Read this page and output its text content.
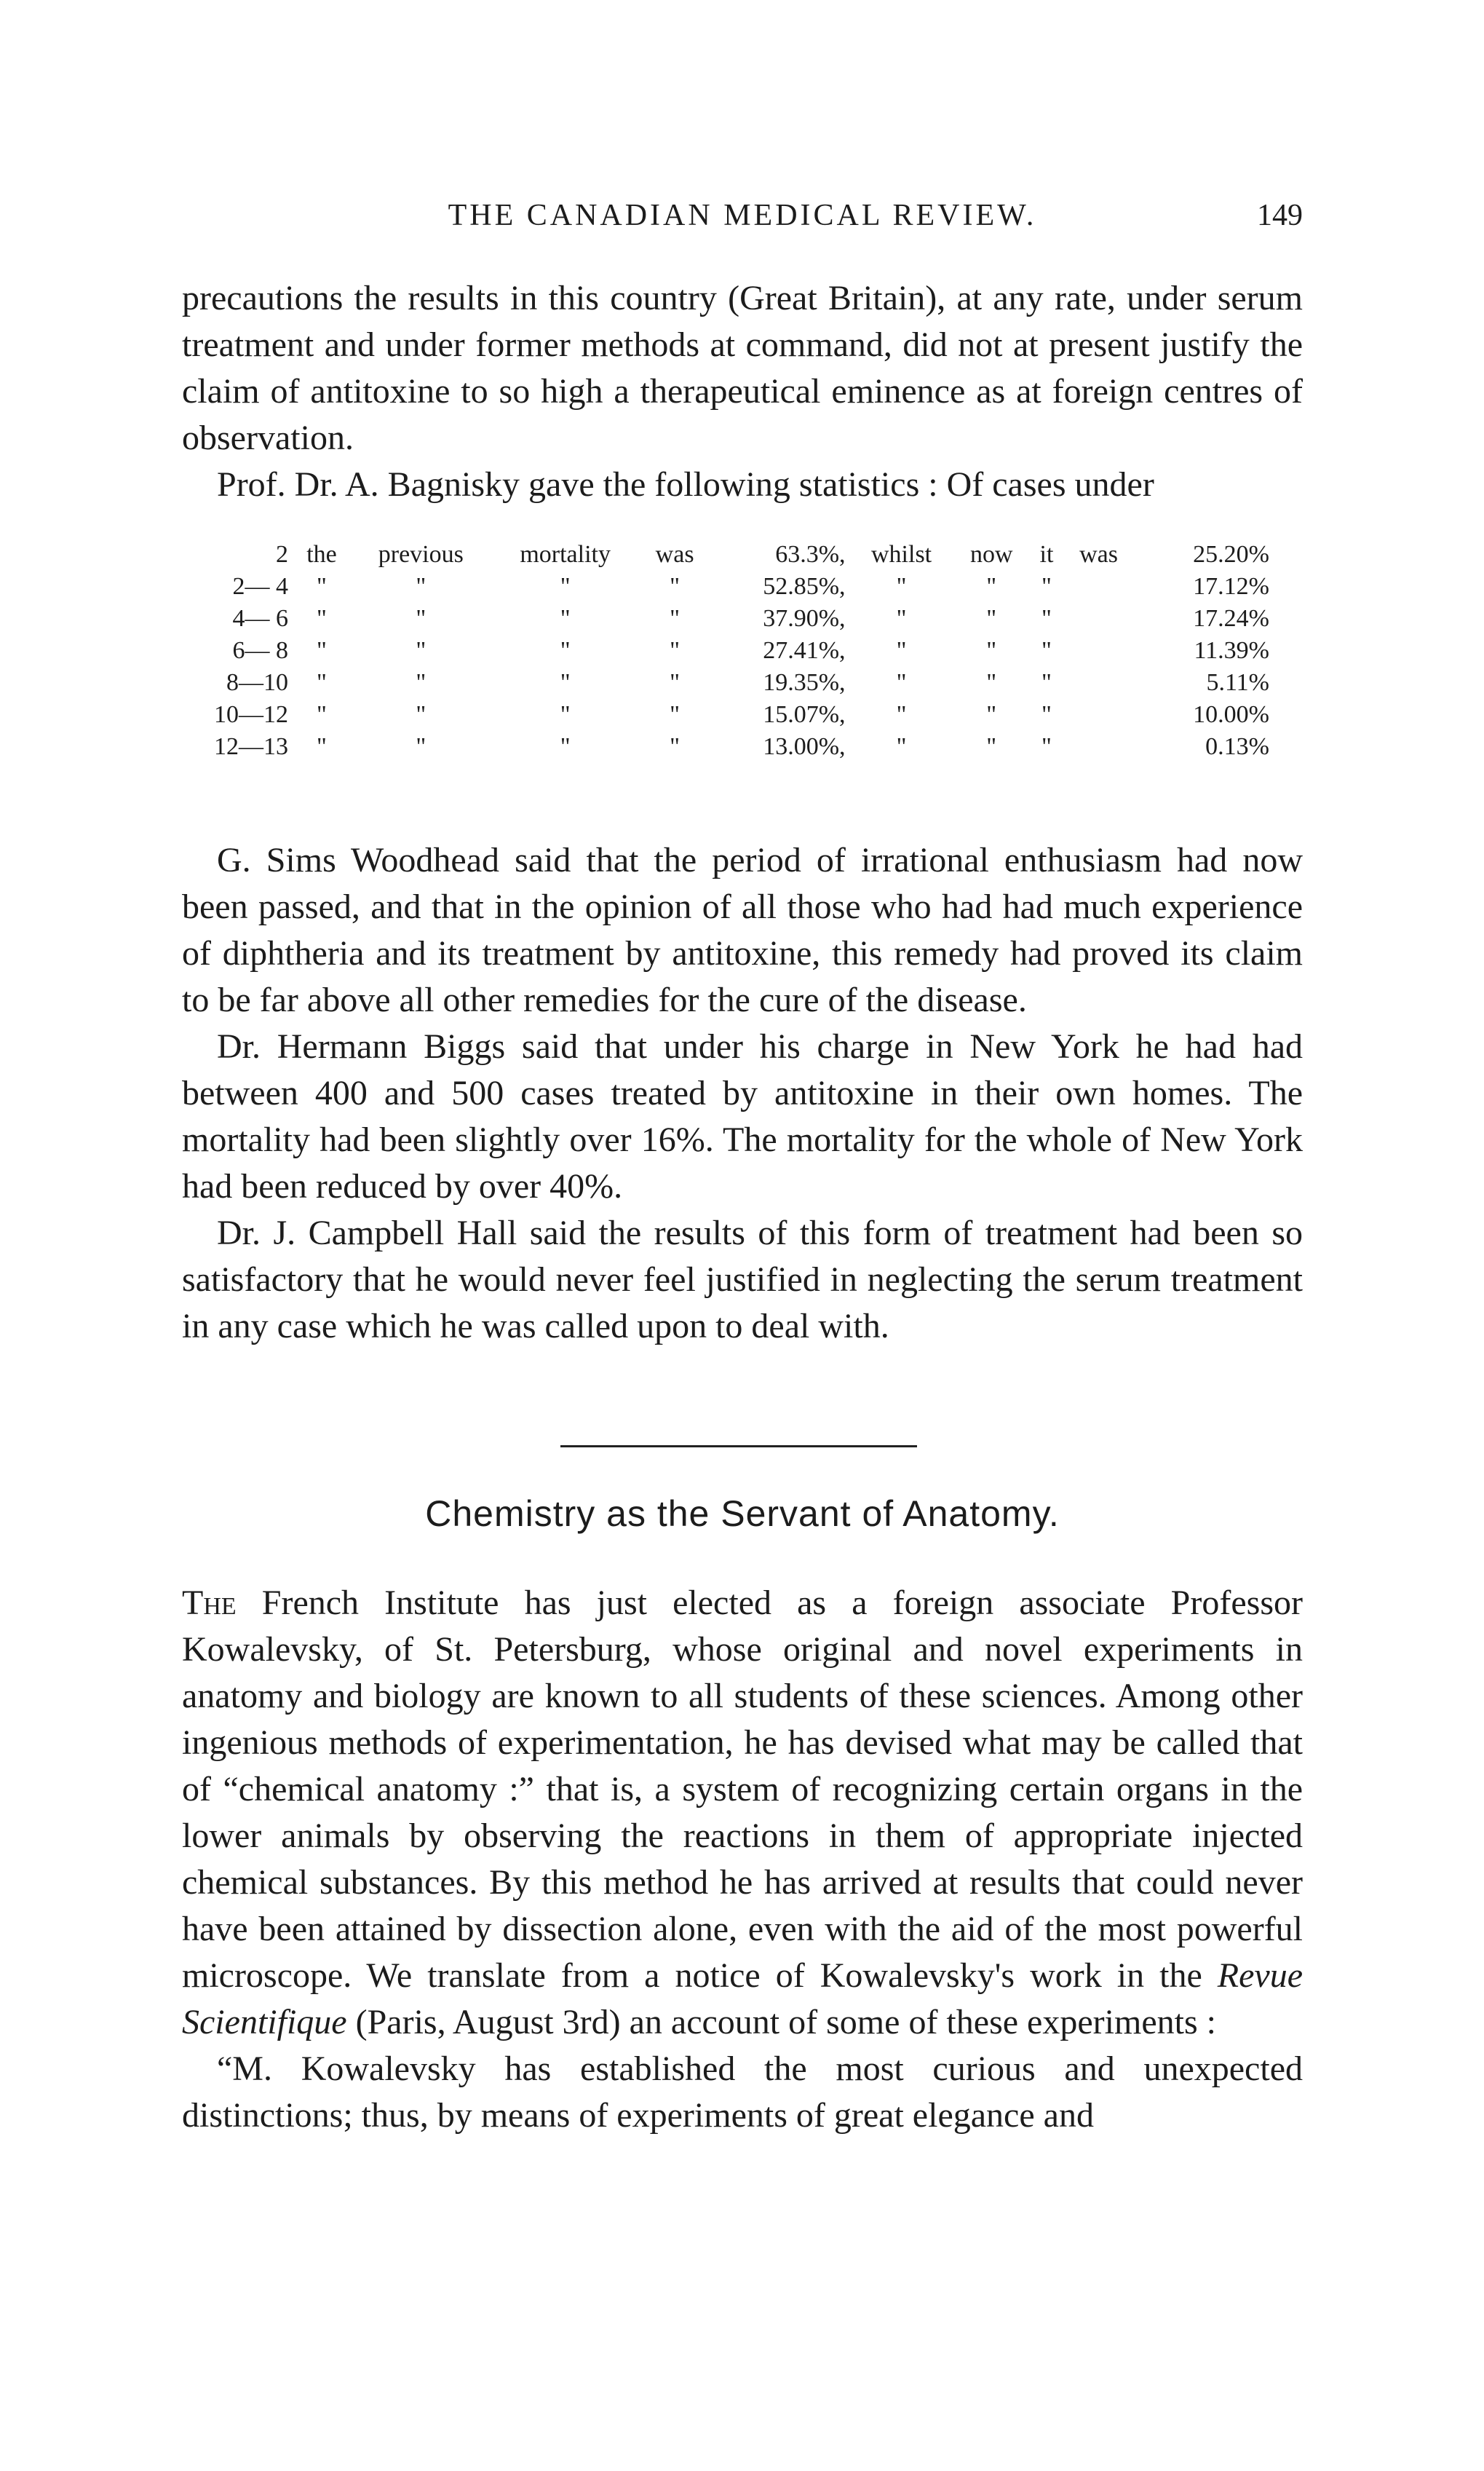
THE CANADIAN MEDICAL REVIEW.	149

precautions the results in this country (Great Britain), at any rate, under serum treatment and under former methods at command, did not at present justify the claim of antitoxine to so high a therapeutical eminence as at foreign centres of observation.

Prof. Dr. A. Bagnisky gave the following statistics : Of cases under

2	the	previous	mortality	was	63.3%,	whilst	now	it	was	25.20%
2— 4	"	"	"	"	52.85%,	"	"	"		17.12%
4— 6	"	"	"	"	37.90%,	"	"	"		17.24%
6— 8	"	"	"	"	27.41%,	"	"	"		11.39%
8—10	"	"	"	"	19.35%,	"	"	"		5.11%
10—12	"	"	"	"	15.07%,	"	"	"		10.00%
12—13	"	"	"	"	13.00%,	"	"	"		0.13%

G. Sims Woodhead said that the period of irrational enthusiasm had now been passed, and that in the opinion of all those who had had much experience of diphtheria and its treatment by antitoxine, this remedy had proved its claim to be far above all other remedies for the cure of the disease.

Dr. Hermann Biggs said that under his charge in New York he had had between 400 and 500 cases treated by antitoxine in their own homes. The mortality had been slightly over 16%. The mortality for the whole of New York had been reduced by over 40%.

Dr. J. Campbell Hall said the results of this form of treatment had been so satisfactory that he would never feel justified in neglecting the serum treatment in any case which he was called upon to deal with.

Chemistry as the Servant of Anatomy.

The French Institute has just elected as a foreign associate Professor Kowalevsky, of St. Petersburg, whose original and novel experiments in anatomy and biology are known to all students of these sciences. Among other ingenious methods of experimentation, he has devised what may be called that of “chemical anatomy :” that is, a system of recognizing certain organs in the lower animals by observing the reactions in them of appropriate injected chemical substances. By this method he has arrived at results that could never have been attained by dissection alone, even with the aid of the most powerful microscope. We translate from a notice of Kowalevsky's work in the Revue Scientifique (Paris, August 3rd) an account of some of these experiments :

“M. Kowalevsky has established the most curious and unexpected distinctions; thus, by means of experiments of great elegance and
